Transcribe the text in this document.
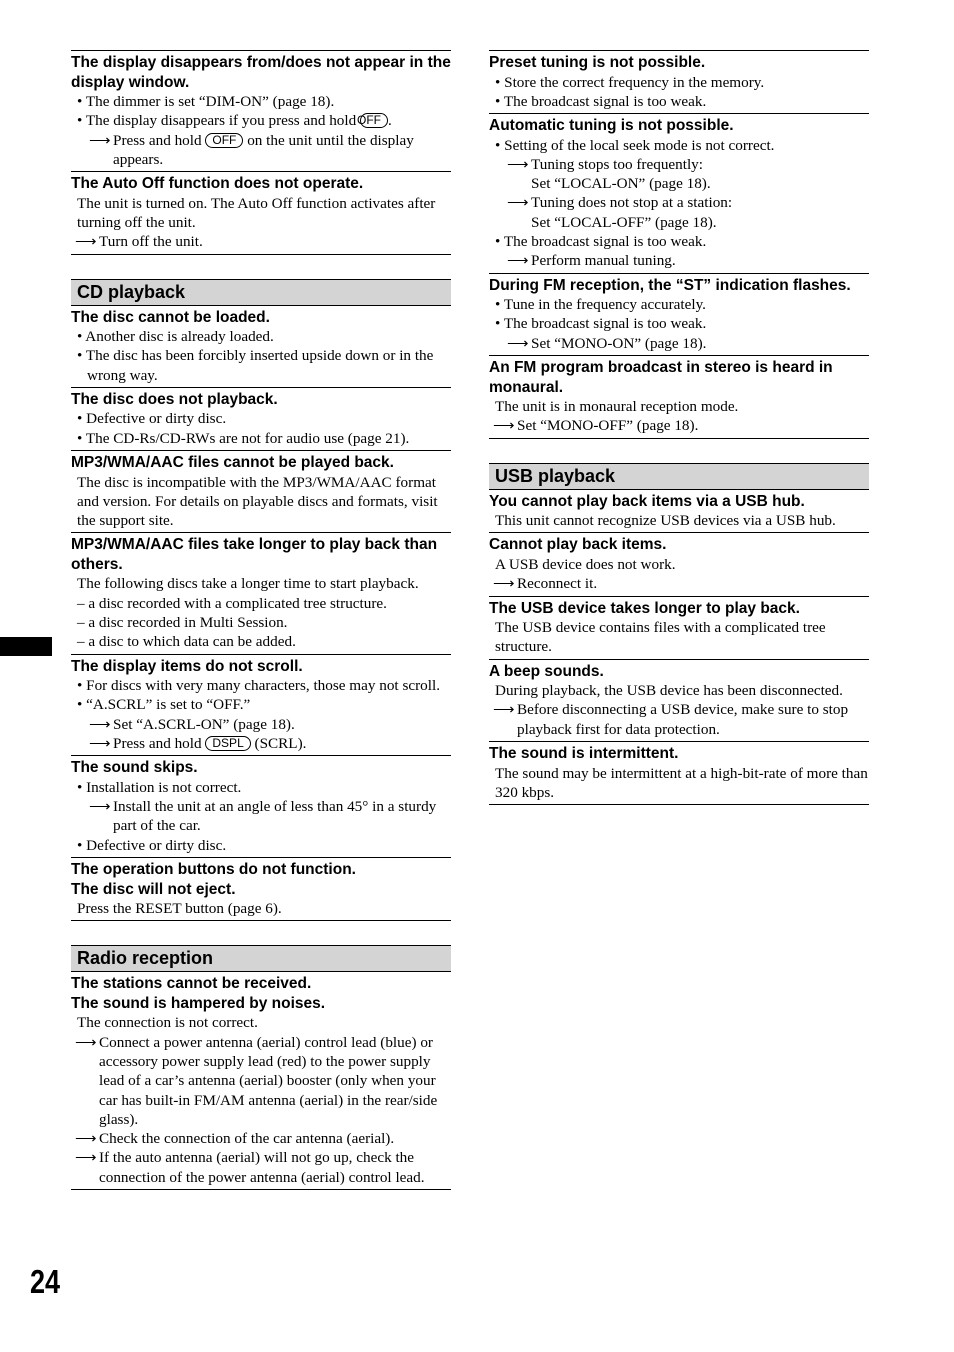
The display disappears from/does not appear in the display window.
• The dimmer is set “DIM-ON” (page 18).
• The display disappears if you press and hold OFF .
⟶ Press and hold OFF on the unit until the display appears.
The Auto Off function does not operate.
The unit is turned on. The Auto Off function activates after turning off the unit.
⟶ Turn off the unit.
CD playback
The disc cannot be loaded.
• Another disc is already loaded.
• The disc has been forcibly inserted upside down or in the wrong way.
The disc does not playback.
• Defective or dirty disc.
• The CD-Rs/CD-RWs are not for audio use (page 21).
MP3/WMA/AAC files cannot be played back.
The disc is incompatible with the MP3/WMA/AAC format and version. For details on playable discs and formats, visit the support site.
MP3/WMA/AAC files take longer to play back than others.
The following discs take a longer time to start playback.
– a disc recorded with a complicated tree structure.
– a disc recorded in Multi Session.
– a disc to which data can be added.
The display items do not scroll.
• For discs with very many characters, those may not scroll.
• “A.SCRL” is set to “OFF.”
⟶ Set “A.SCRL-ON” (page 18).
⟶ Press and hold DSPL (SCRL).
The sound skips.
• Installation is not correct.
⟶ Install the unit at an angle of less than 45° in a sturdy part of the car.
• Defective or dirty disc.
The operation buttons do not function.
The disc will not eject.
Press the RESET button (page 6).
Radio reception
The stations cannot be received.
The sound is hampered by noises.
The connection is not correct.
⟶ Connect a power antenna (aerial) control lead (blue) or accessory power supply lead (red) to the power supply lead of a car’s antenna (aerial) booster (only when your car has built-in FM/AM antenna (aerial) in the rear/side glass).
⟶ Check the connection of the car antenna (aerial).
⟶ If the auto antenna (aerial) will not go up, check the connection of the power antenna (aerial) control lead.
Preset tuning is not possible.
• Store the correct frequency in the memory.
• The broadcast signal is too weak.
Automatic tuning is not possible.
• Setting of the local seek mode is not correct.
⟶ Tuning stops too frequently:
Set “LOCAL-ON” (page 18).
⟶ Tuning does not stop at a station:
Set “LOCAL-OFF” (page 18).
• The broadcast signal is too weak.
⟶ Perform manual tuning.
During FM reception, the “ST” indication flashes.
• Tune in the frequency accurately.
• The broadcast signal is too weak.
⟶ Set “MONO-ON” (page 18).
An FM program broadcast in stereo is heard in monaural.
The unit is in monaural reception mode.
⟶ Set “MONO-OFF” (page 18).
USB playback
You cannot play back items via a USB hub.
This unit cannot recognize USB devices via a USB hub.
Cannot play back items.
A USB device does not work.
⟶ Reconnect it.
The USB device takes longer to play back.
The USB device contains files with a complicated tree structure.
A beep sounds.
During playback, the USB device has been disconnected.
⟶ Before disconnecting a USB device, make sure to stop playback first for data protection.
The sound is intermittent.
The sound may be intermittent at a high-bit-rate of more than 320 kbps.
24
